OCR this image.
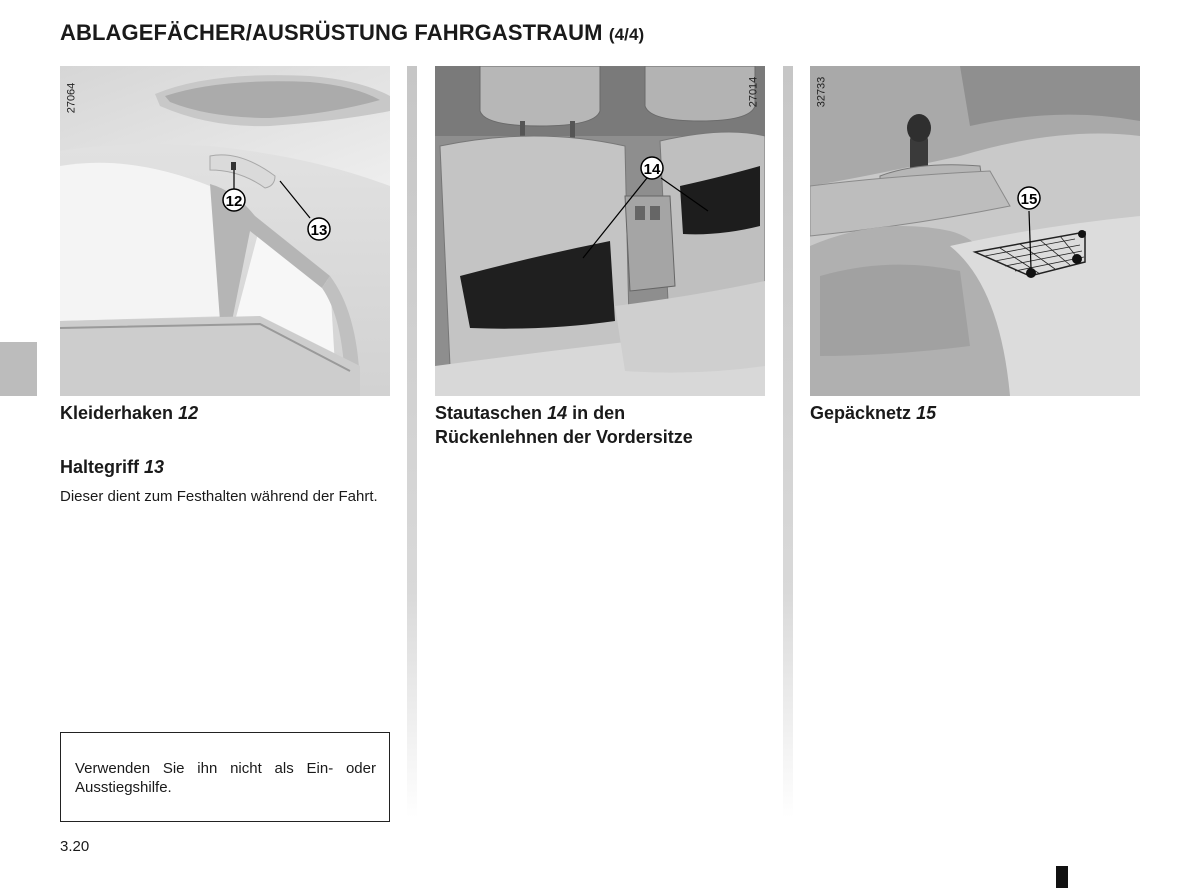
ABLAGEFÄCHER/AUSRÜSTUNG FAHRGASTRAUM (4/4)
27064
12
13
27014
14
32733
15
Kleiderhaken 12
Haltegriff 13
Dieser dient zum Festhalten während der Fahrt.
Stautaschen 14 in den
Rückenlehnen der Vordersitze
Gepäcknetz 15
Verwenden Sie ihn nicht als Ein- oder Ausstiegshilfe.
3.20
